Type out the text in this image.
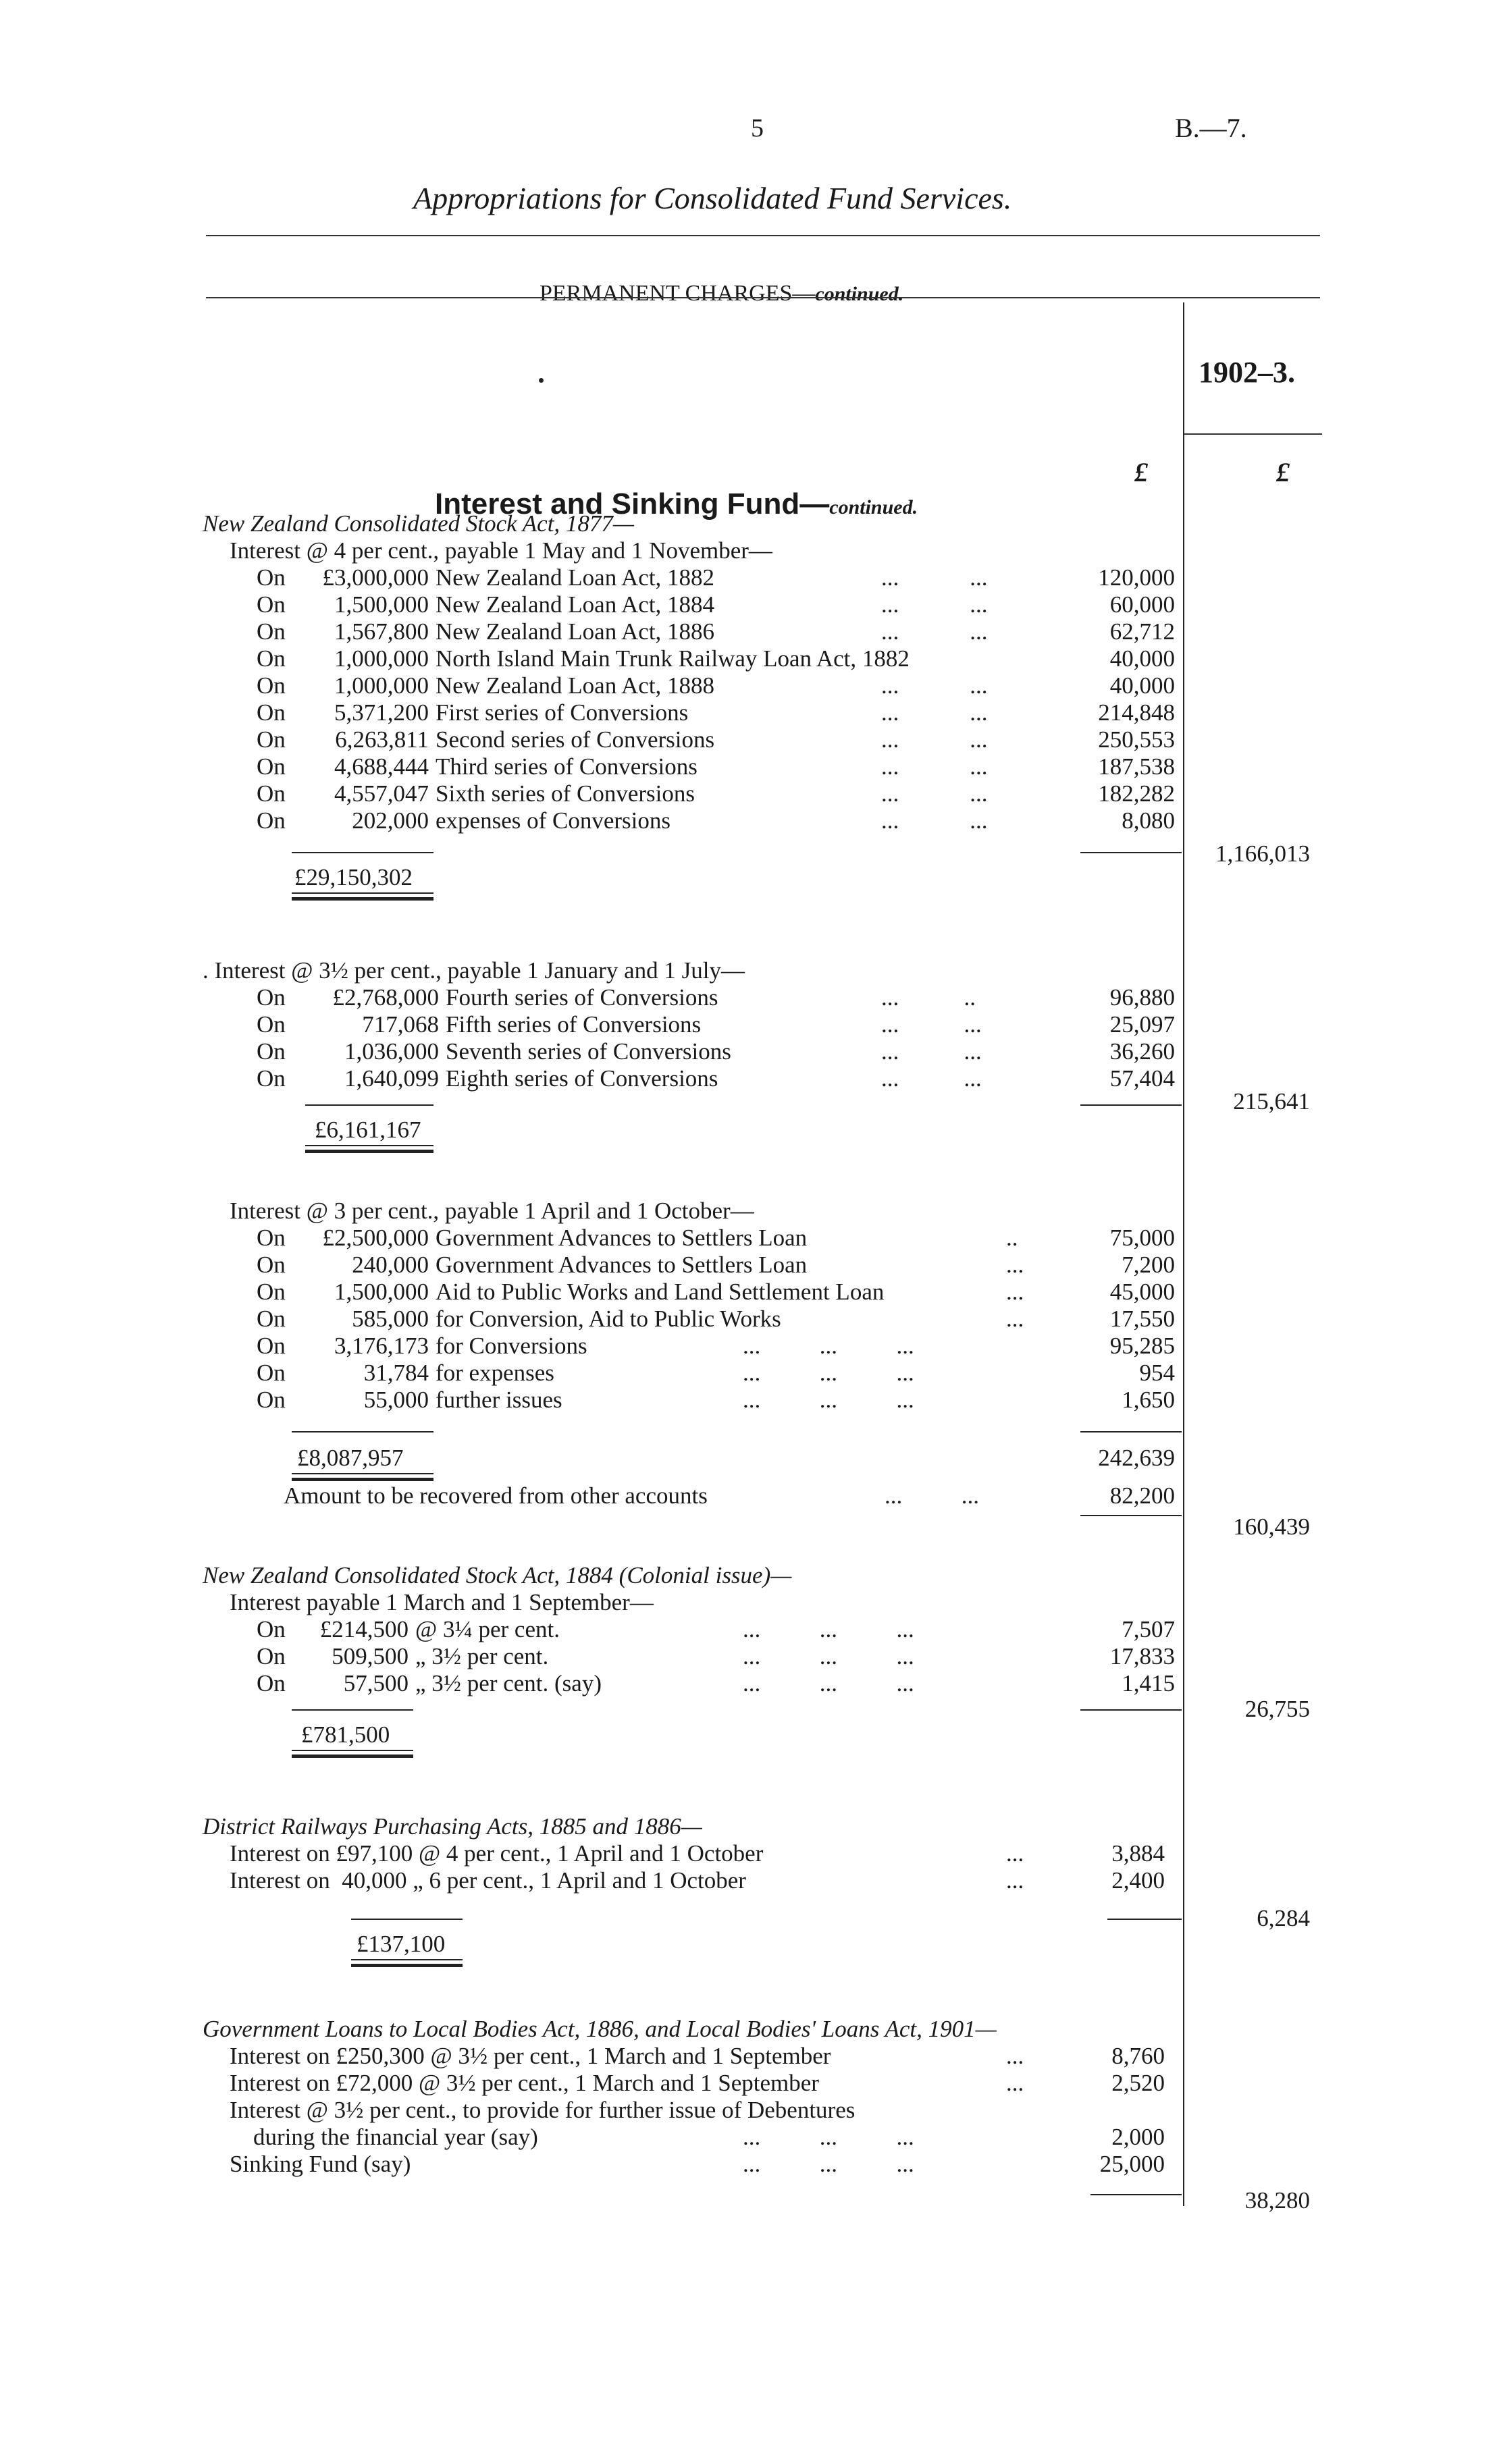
5	B.—7.
Appropriations for Consolidated Fund Services.

PERMANENT CHARGES—continued.

1902–3.

Interest and Sinking Fund—continued.

£	£
New Zealand Consolidated Stock Act, 1877—
Interest @ 4 per cent., payable 1 May and 1 November—
On	£3,000,000 New Zealand Loan Act, 1882	...            ...	120,000
On	1,500,000 New Zealand Loan Act, 1884	...            ...	60,000
On	1,567,800 New Zealand Loan Act, 1886	...            ...	62,712
On	1,000,000 North Island Main Trunk Railway Loan Act, 1882	40,000
On	1,000,000 New Zealand Loan Act, 1888	...            ...	40,000
On	5,371,200 First series of Conversions	...            ...	214,848
On	6,263,811 Second series of Conversions	...            ...	250,553
On	4,688,444 Third series of Conversions	...            ...	187,538
On	4,557,047 Sixth series of Conversions	...            ...	182,282
On	202,000 expenses of Conversions	...            ...	8,080
£29,150,302
1,166,013
. Interest @ 3½ per cent., payable 1 January and 1 July—
On	£2,768,000 Fourth series of Conversions	...           ..	96,880
On	717,068 Fifth series of Conversions	...           ...	25,097
On	1,036,000 Seventh series of Conversions	...           ...	36,260
On	1,640,099 Eighth series of Conversions	...           ...	57,404
£6,161,167
215,641
Interest @ 3 per cent., payable 1 April and 1 October—
On	£2,500,000 Government Advances to Settlers Loan	..	75,000
On	240,000 Government Advances to Settlers Loan	...	7,200
On	1,500,000 Aid to Public Works and Land Settlement Loan	...	45,000
On	585,000 for Conversion, Aid to Public Works	...	17,550
On	3,176,173 for Conversions	...          ...          ...	95,285
On	31,784 for expenses	...          ...          ...	954
On	55,000 further issues	...          ...          ...	1,650
£8,087,957	242,639
Amount to be recovered from other accounts	...          ...	82,200
160,439
New Zealand Consolidated Stock Act, 1884 (Colonial issue)—
Interest payable 1 March and 1 September—
On	£214,500 @ 3¼ per cent.	...          ...          ...	7,507
On	509,500 „ 3½ per cent.	...          ...          ...	17,833
On	57,500 „ 3½ per cent. (say)	...          ...          ...	1,415
£781,500
26,755
District Railways Purchasing Acts, 1885 and 1886—
Interest on £97,100 @ 4 per cent., 1 April and 1 October	...	3,884
Interest on  40,000 „ 6 per cent., 1 April and 1 October	...	2,400
£137,100
6,284
Government Loans to Local Bodies Act, 1886, and Local Bodies' Loans Act, 1901—
Interest on £250,300 @ 3½ per cent., 1 March and 1 September	...	8,760
Interest on £72,000 @ 3½ per cent., 1 March and 1 September	...	2,520
Interest @ 3½ per cent., to provide for further issue of Debentures
during the financial year (say)	...          ...          ...	2,000
Sinking Fund (say)	...          ...          ...	25,000
38,280
